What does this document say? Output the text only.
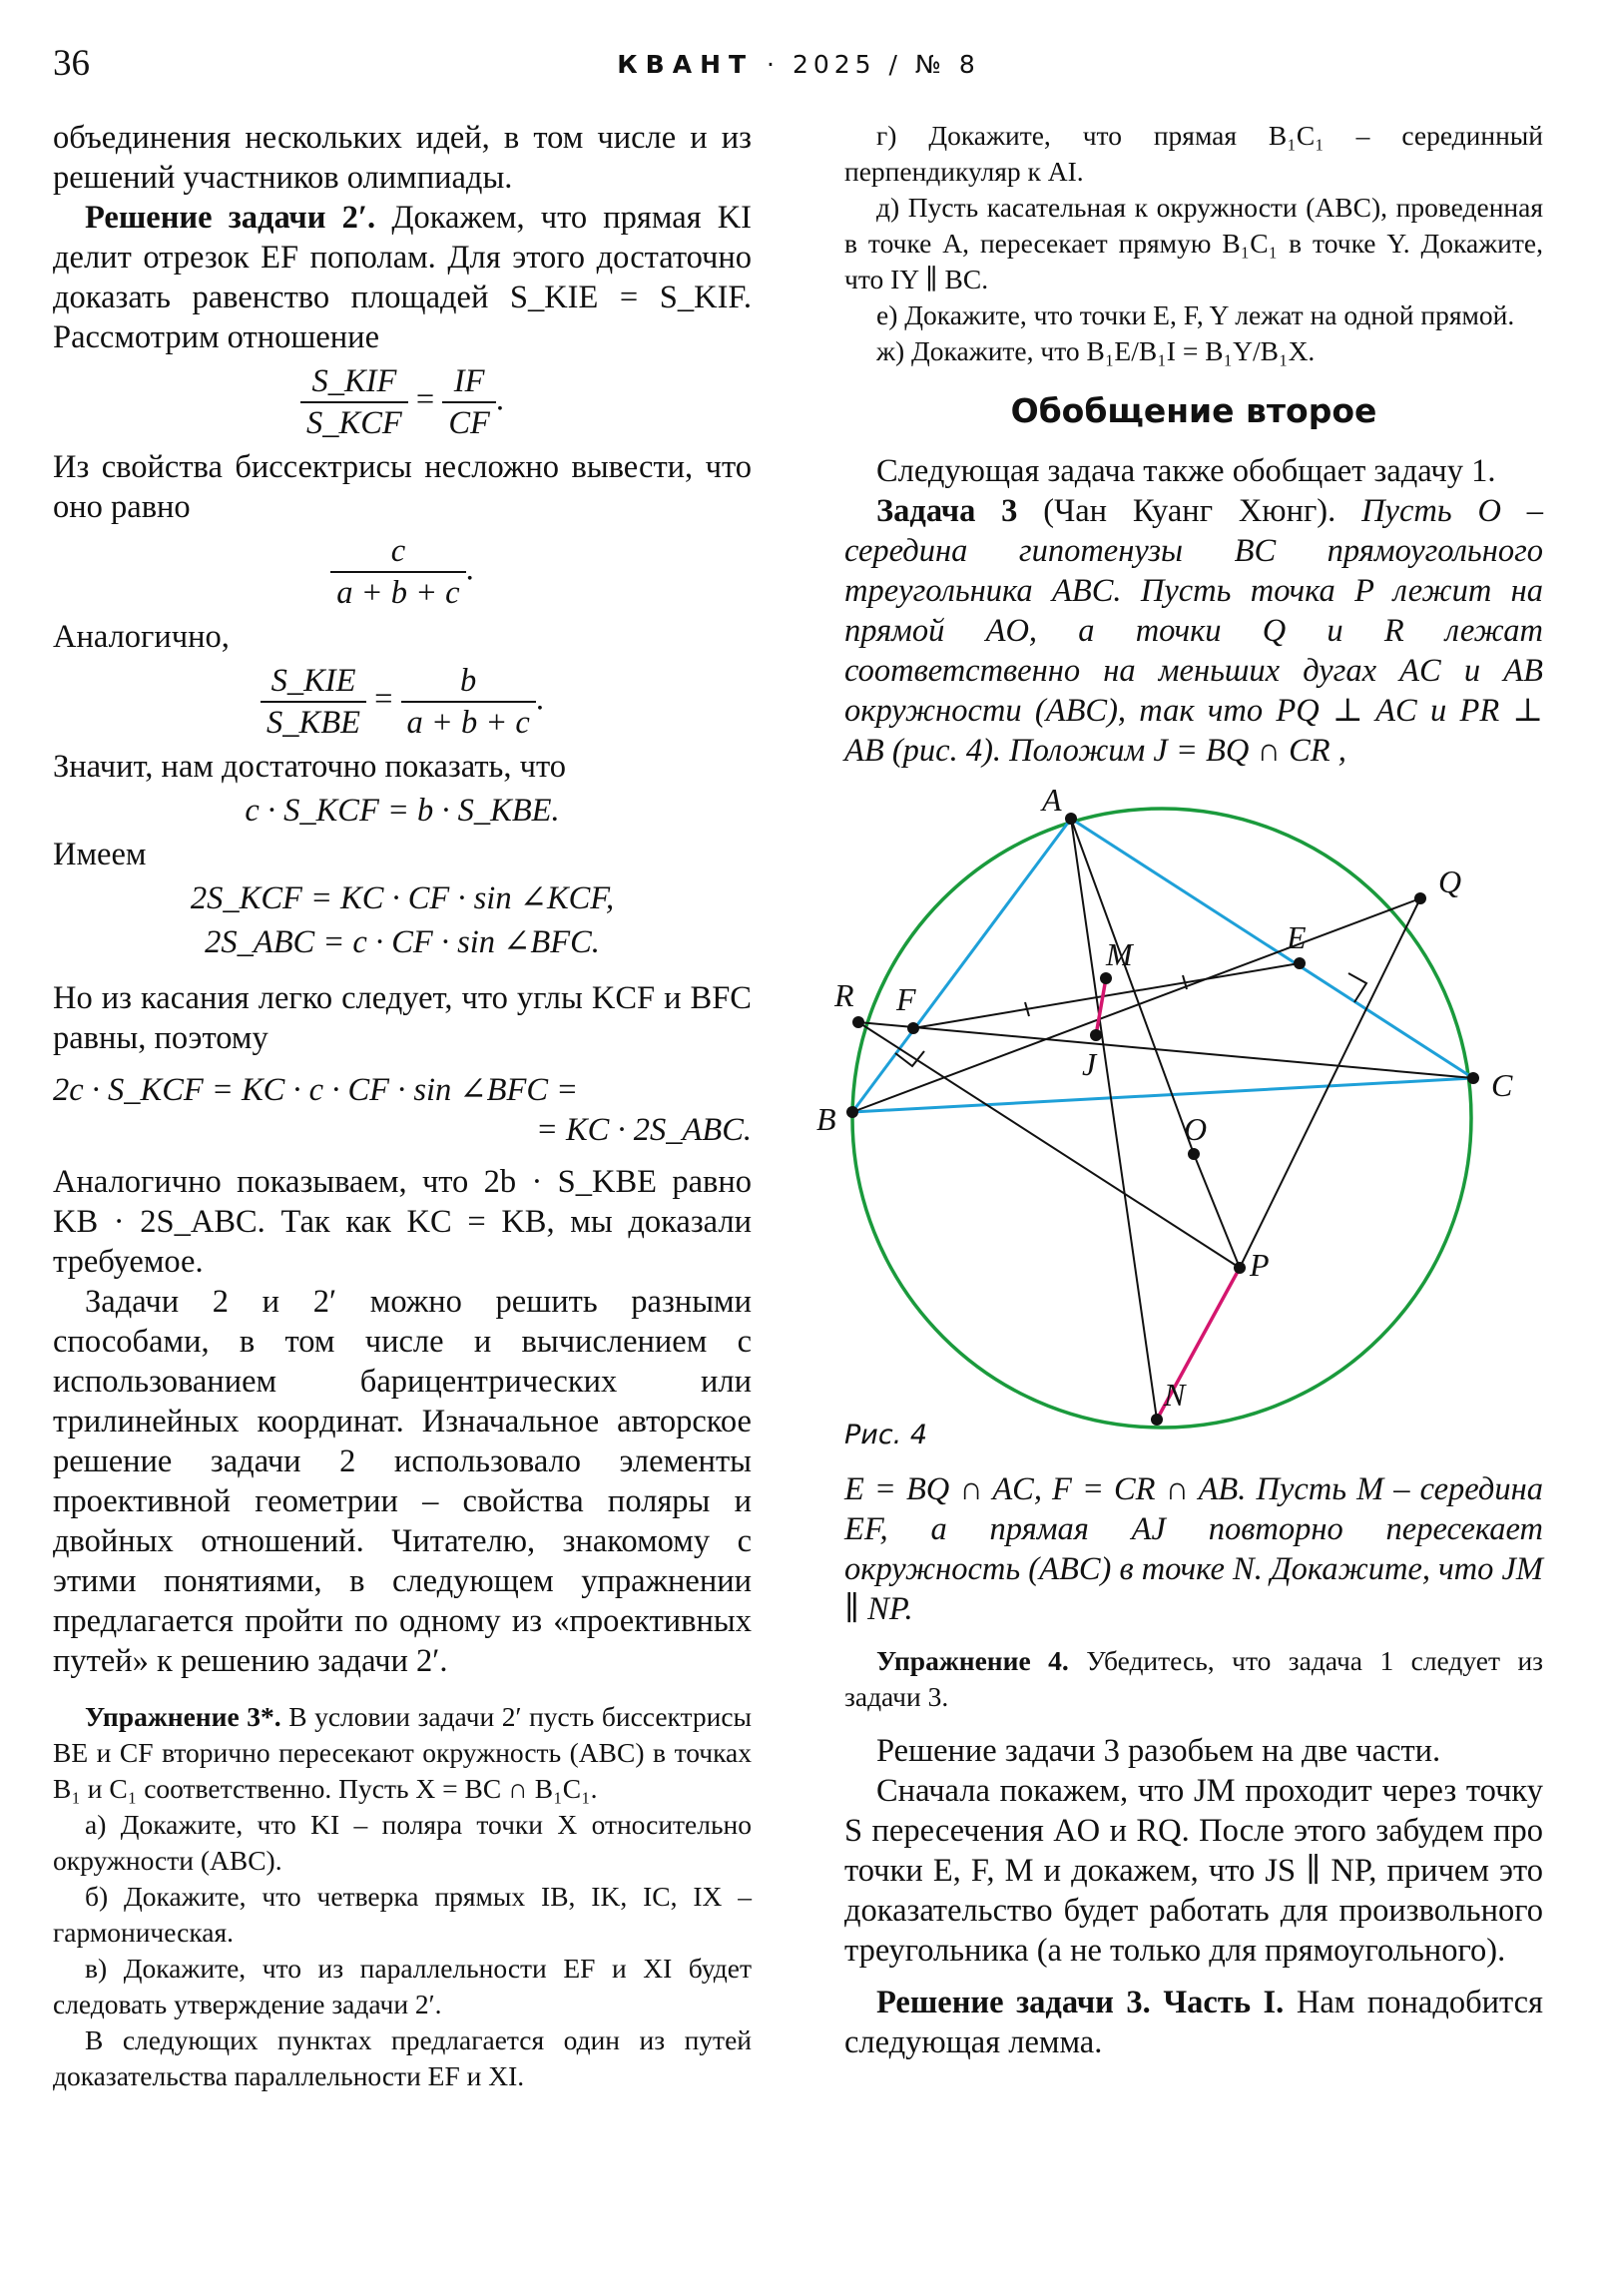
36	КВАНТ · 2025 / № 8

объединения нескольких идей, в том числе и из решений участников олимпиады.

Решение задачи 2′. Докажем, что прямая KI делит отрезок EF пополам. Для этого достаточно доказать равенство площадей S_KIE = S_KIF. Рассмотрим отношение

$\frac{\text{S\_KIF}}{\text{S\_KCF}} = \frac{IF}{CF}$ .

Из свойства биссектрисы несложно вывести, что оно равно

$\frac{c}{a + b + c}$ .

Аналогично,

$\frac{\text{S\_KIE}}{\text{S\_KBE}} = \frac{b}{a + b + c}$ .

Значит, нам достаточно показать, что

c · S_KCF = b · S_KBE.

Имеем

2S_KCF = KC · CF · sin ∠KCF,
2S_ABC = c · CF · sin ∠BFC.

Но из касания легко следует, что углы KCF и BFC равны, поэтому

2c · S_KCF = KC · c · CF · sin ∠BFC =
= KC · 2S_ABC.

Аналогично показываем, что 2b · S_KBE равно KB · 2S_ABC. Так как KC = KB, мы доказали требуемое.

Задачи 2 и 2′ можно решить разными способами, в том числе и вычислением с использованием барицентрических или трилинейных координат. Изначальное авторское решение задачи 2 использовало элементы проективной геометрии – свойства поляры и двойных отношений. Читателю, знакомому с этими понятиями, в следующем упражнении предлагается пройти по одному из «проективных путей» к решению задачи 2′.

Упражнение 3*. В условии задачи 2′ пусть биссектрисы BE и CF вторично пересекают окружность (ABC) в точках B₁ и C₁ соответственно. Пусть X = BC ∩ B₁C₁.

а) Докажите, что KI – поляра точки X относительно окружности (ABC).

б) Докажите, что четверка прямых IB, IK, IC, IX – гармоническая.

в) Докажите, что из параллельности EF и XI будет следовать утверждение задачи 2′.

В следующих пунктах предлагается один из путей доказательства параллельности EF и XI.

г) Докажите, что прямая B₁C₁ – серединный перпендикуляр к AI.

д) Пусть касательная к окружности (ABC), проведенная в точке A, пересекает прямую B₁C₁ в точке Y. Докажите, что IY ∥ BC.

е) Докажите, что точки E, F, Y лежат на одной прямой.

ж) Докажите, что B₁E/B₁I = B₁Y/B₁X.

Обобщение второе

Следующая задача также обобщает задачу 1.

Задача 3 (Чан Куанг Хюнг). Пусть O – середина гипотенузы BC прямоугольного треугольника ABC. Пусть точка P лежит на прямой AO, а точки Q и R лежат соответственно на меньших дугах AC и AB окружности (ABC), так что PQ ⊥ AC и PR ⊥ AB (рис. 4). Положим J = BQ ∩ CR ,

A
Q
E
M
R F
J
O
C
B
P
N
Рис. 4

E = BQ ∩ AC, F = CR ∩ AB. Пусть M – середина EF, а прямая AJ повторно пересекает окружность (ABC) в точке N. Докажите, что JM ∥ NP.

Упражнение 4. Убедитесь, что задача 1 следует из задачи 3.

Решение задачи 3 разобьем на две части.

Сначала покажем, что JM проходит через точку S пересечения AO и RQ. После этого забудем про точки E, F, M и докажем, что JS ∥ NP, причем это доказательство будет работать для произвольного треугольника (а не только для прямоугольного).

Решение задачи 3. Часть I. Нам понадобится следующая лемма.
